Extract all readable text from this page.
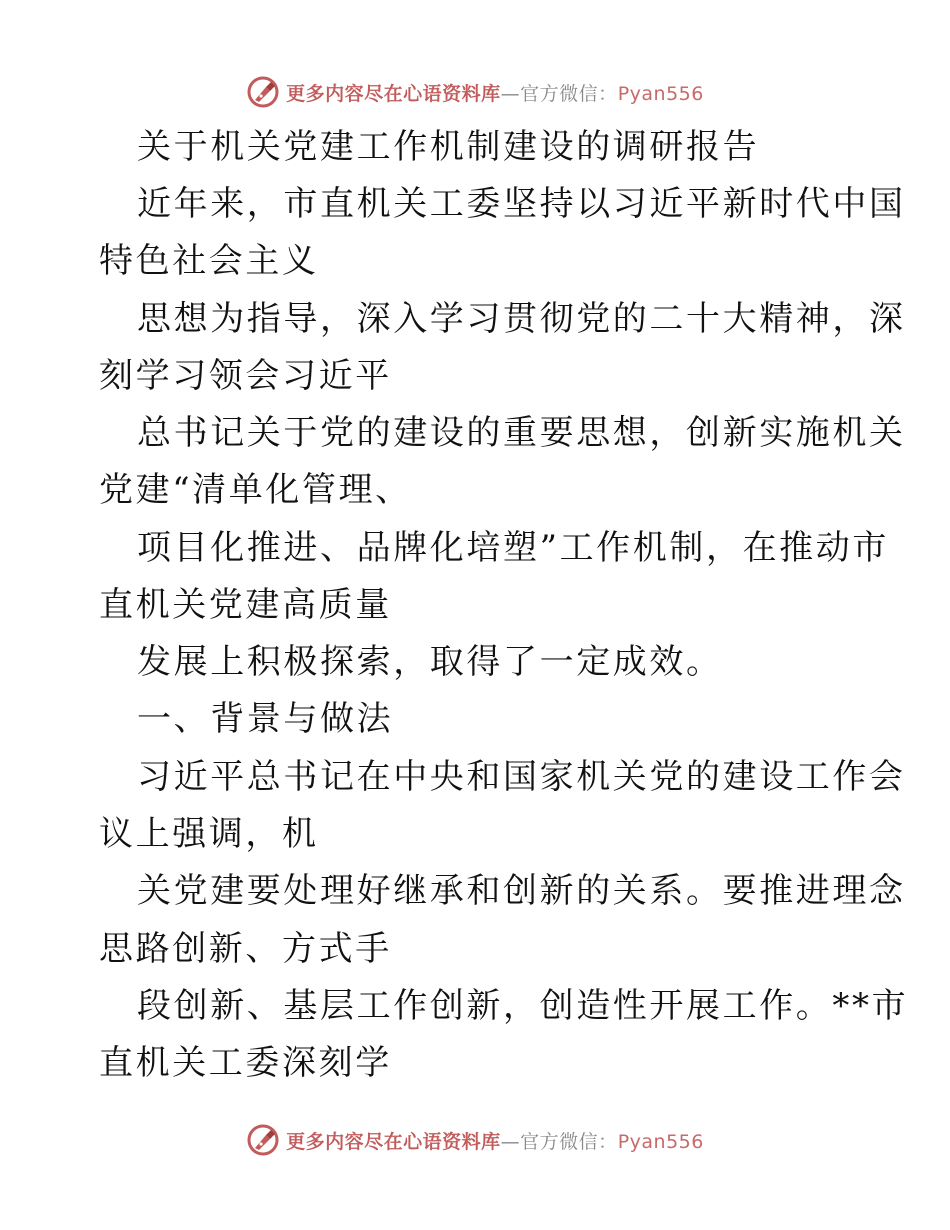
更多内容尽在心语资料库—官方微信：Pyan556
关于机关党建工作机制建设的调研报告
近年来，市直机关工委坚持以习近平新时代中国
特色社会主义
思想为指导，深入学习贯彻党的二十大精神，深
刻学习领会习近平
总书记关于党的建设的重要思想，创新实施机关
党建“清单化管理、
项目化推进、品牌化培塑”工作机制，在推动市
直机关党建高质量
发展上积极探索，取得了一定成效。
一、背景与做法
习近平总书记在中央和国家机关党的建设工作会
议上强调，机
关党建要处理好继承和创新的关系。要推进理念
思路创新、方式手
段创新、基层工作创新，创造性开展工作。**市
直机关工委深刻学
更多内容尽在心语资料库—官方微信：Pyan556
